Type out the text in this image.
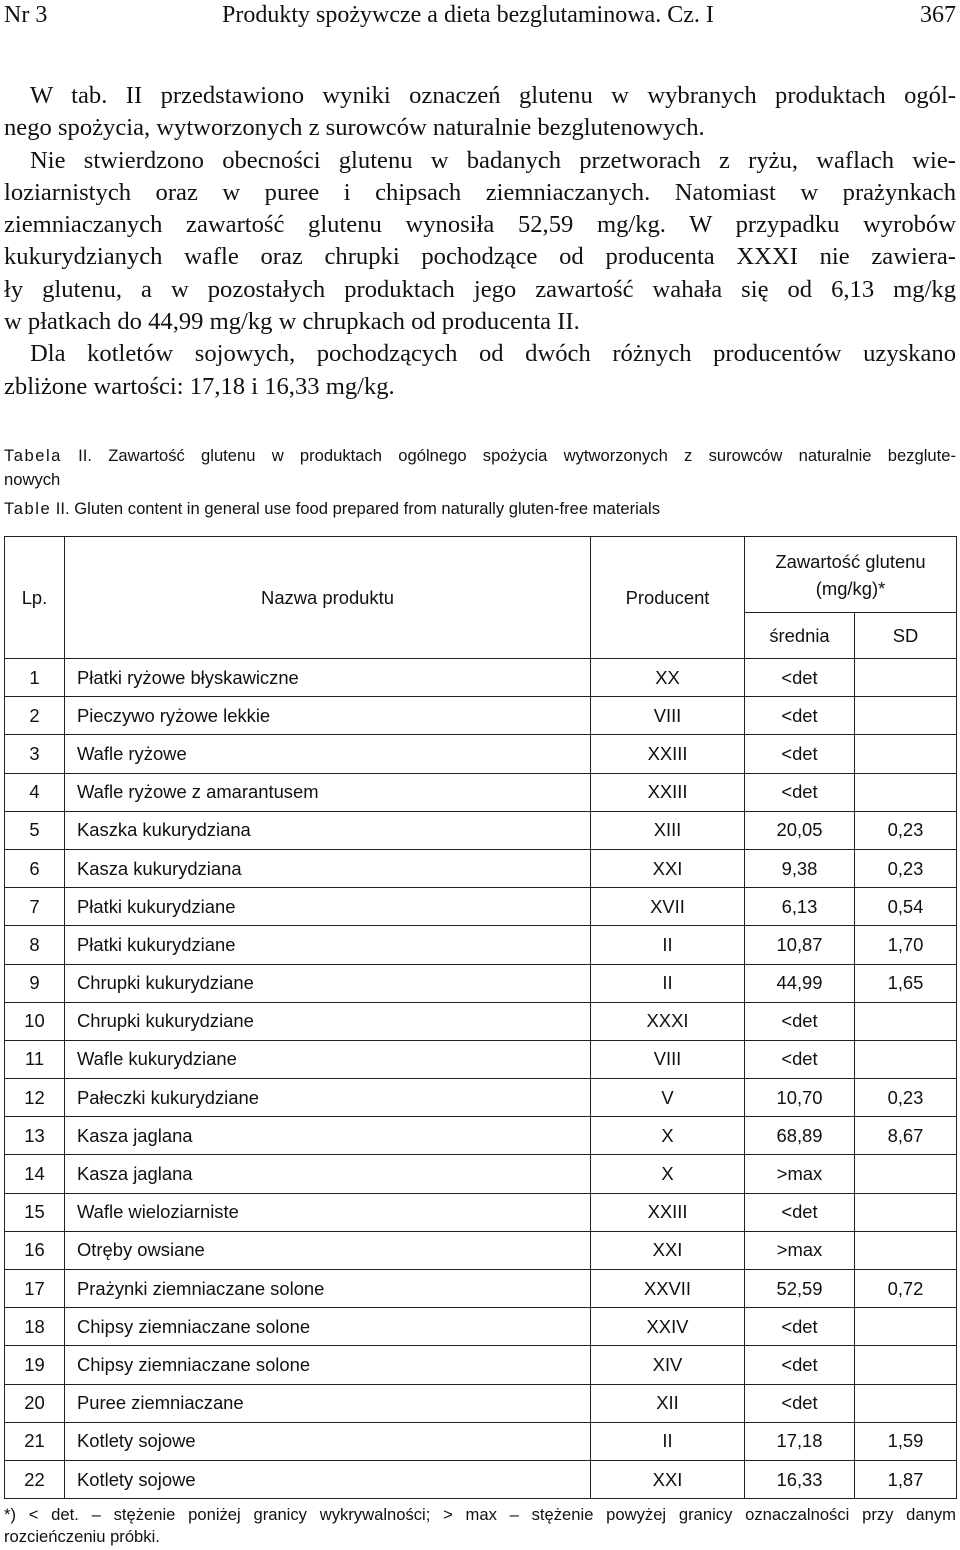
Nr 3	Produkty spożywcze a dieta bezglutaminowa. Cz. I	367
W tab. II przedstawiono wyniki oznaczeń glutenu w wybranych produktach ogól-
nego spożycia, wytworzonych z surowców naturalnie bezglutenowych.
Nie stwierdzono obecności glutenu w badanych przetworach z ryżu, waflach wie-
loziarnistych oraz w puree i chipsach ziemniaczanych. Natomiast w prażynkach
ziemniaczanych zawartość glutenu wynosiła 52,59 mg/kg. W przypadku wyrobów
kukurydzianych wafle oraz chrupki pochodzące od producenta XXXI nie zawiera-
ły glutenu, a w pozostałych produktach jego zawartość wahała się od 6,13 mg/kg
w płatkach do 44,99 mg/kg w chrupkach od producenta II.
Dla kotletów sojowych, pochodzących od dwóch różnych producentów uzyskano
zbliżone wartości: 17,18 i 16,33 mg/kg.
Tabela II. Zawartość glutenu w produktach ogólnego spożycia wytworzonych z surowców naturalnie bezglute-
nowych
Table II. Gluten content in general use food prepared from naturally gluten-free materials
Lp.	Nazwa produktu	Producent	Zawartość glutenu
(mg/kg)*	

			średnia	SD
1	Płatki ryżowe błyskawiczne	XX	<det	
2	Pieczywo ryżowe lekkie	VIII	<det	
3	Wafle ryżowe	XXIII	<det	
4	Wafle ryżowe z amarantusem	XXIII	<det	
5	Kaszka kukurydziana	XIII	20,05	0,23
6	Kasza kukurydziana	XXI	9,38	0,23
7	Płatki kukurydziane	XVII	6,13	0,54
8	Płatki kukurydziane	II	10,87	1,70
9	Chrupki kukurydziane	II	44,99	1,65
10	Chrupki kukurydziane	XXXI	<det	
11	Wafle kukurydziane	VIII	<det	
12	Pałeczki kukurydziane	V	10,70	0,23
13	Kasza jaglana	X	68,89	8,67
14	Kasza jaglana	X	>max	
15	Wafle wieloziarniste	XXIII	<det	
16	Otręby owsiane	XXI	>max	
17	Prażynki ziemniaczane solone	XXVII	52,59	0,72
18	Chipsy ziemniaczane solone	XXIV	<det	
19	Chipsy ziemniaczane solone	XIV	<det	
20	Puree ziemniaczane	XII	<det	
21	Kotlety sojowe	II	17,18	1,59
22	Kotlety sojowe	XXI	16,33	1,87
*) < det. – stężenie poniżej granicy wykrywalności; > max – stężenie powyżej granicy oznaczalności przy danym
rozcieńczeniu próbki.
